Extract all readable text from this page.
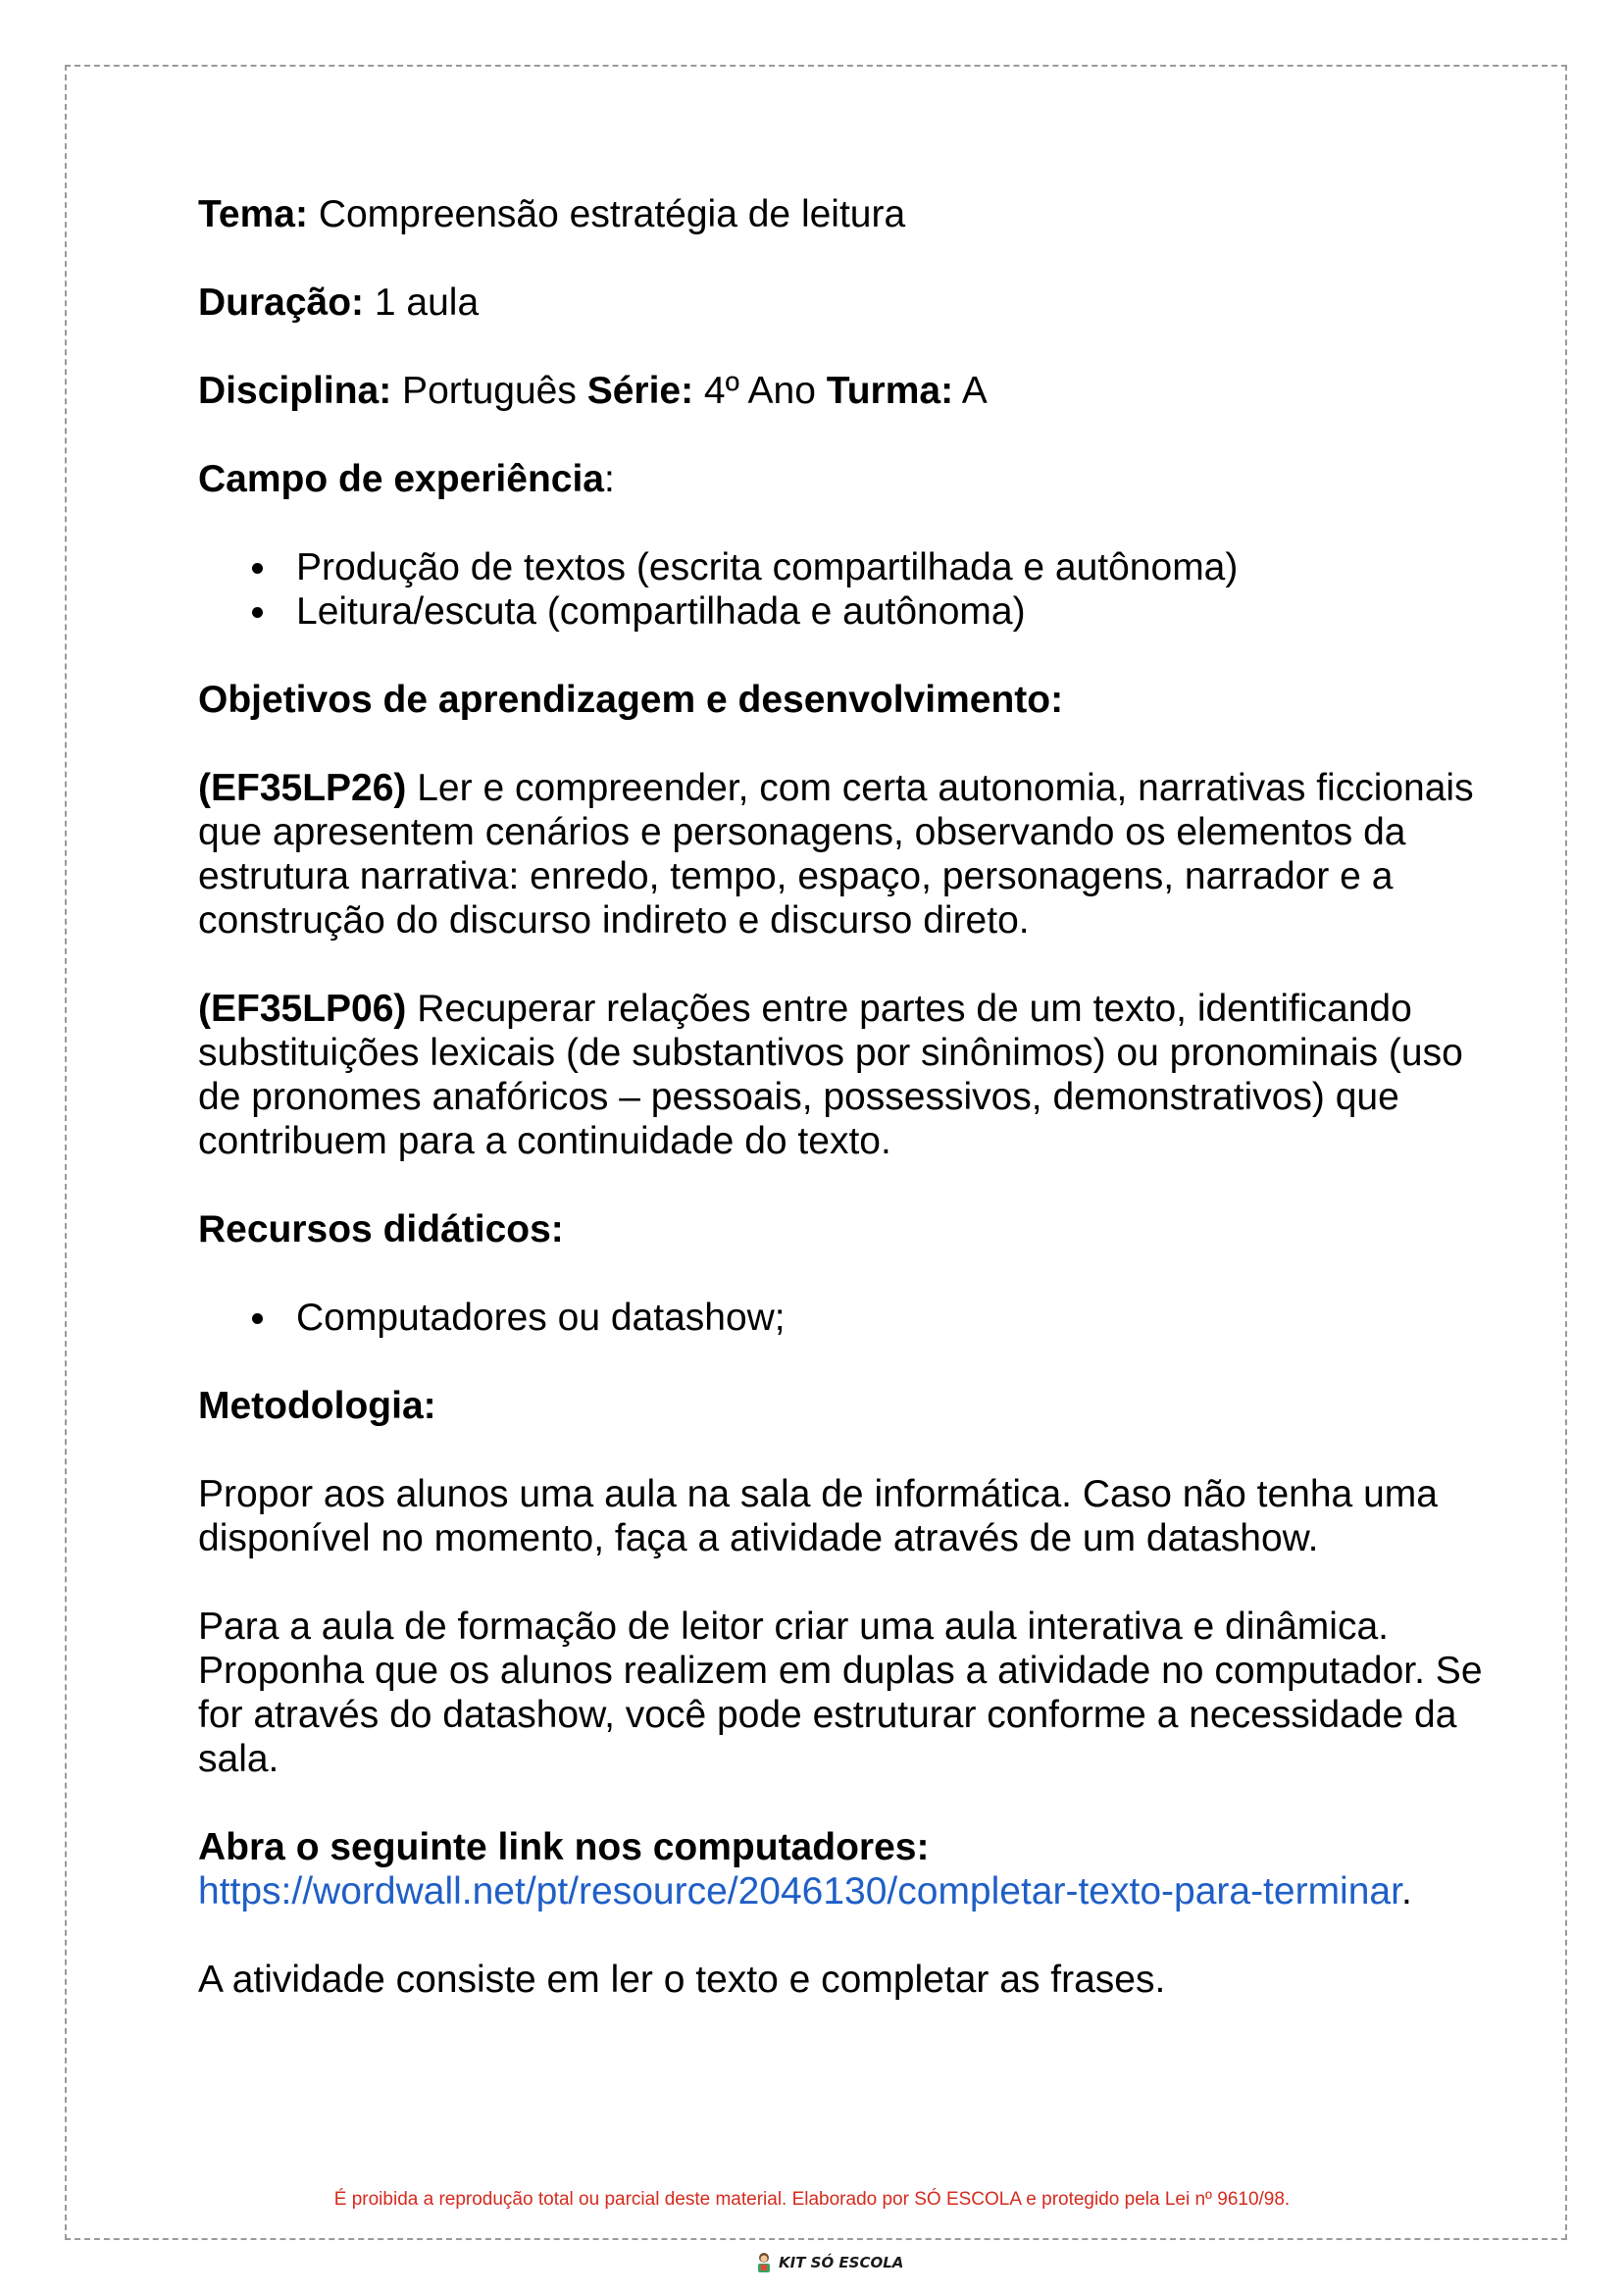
Tema: Compreensão estratégia de leitura

Duração: 1 aula

Disciplina: Português Série: 4º Ano Turma: A

Campo de experiência:

Produção de textos (escrita compartilhada e autônoma)
Leitura/escuta (compartilhada e autônoma)

Objetivos de aprendizagem e desenvolvimento:

(EF35LP26) Ler e compreender, com certa autonomia, narrativas ficcionais que apresentem cenários e personagens, observando os elementos da estrutura narrativa: enredo, tempo, espaço, personagens, narrador e a construção do discurso indireto e discurso direto.

(EF35LP06) Recuperar relações entre partes de um texto, identificando substituições lexicais (de substantivos por sinônimos) ou pronominais (uso de pronomes anafóricos – pessoais, possessivos, demonstrativos) que contribuem para a continuidade do texto.

Recursos didáticos:

Computadores ou datashow;

Metodologia:

Propor aos alunos uma aula na sala de informática. Caso não tenha uma disponível no momento, faça a atividade através de um datashow.

Para a aula de formação de leitor criar uma aula interativa e dinâmica. Proponha que os alunos realizem em duplas a atividade no computador. Se for através do datashow, você pode estruturar conforme a necessidade da sala.

Abra o seguinte link nos computadores:

https://wordwall.net/pt/resource/2046130/completar-texto-para-terminar.

A atividade consiste em ler o texto e completar as frases.

É proibida a reprodução total ou parcial deste material. Elaborado por SÓ ESCOLA e protegido pela Lei nº 9610/98.
KIT SÓ ESCOLA
